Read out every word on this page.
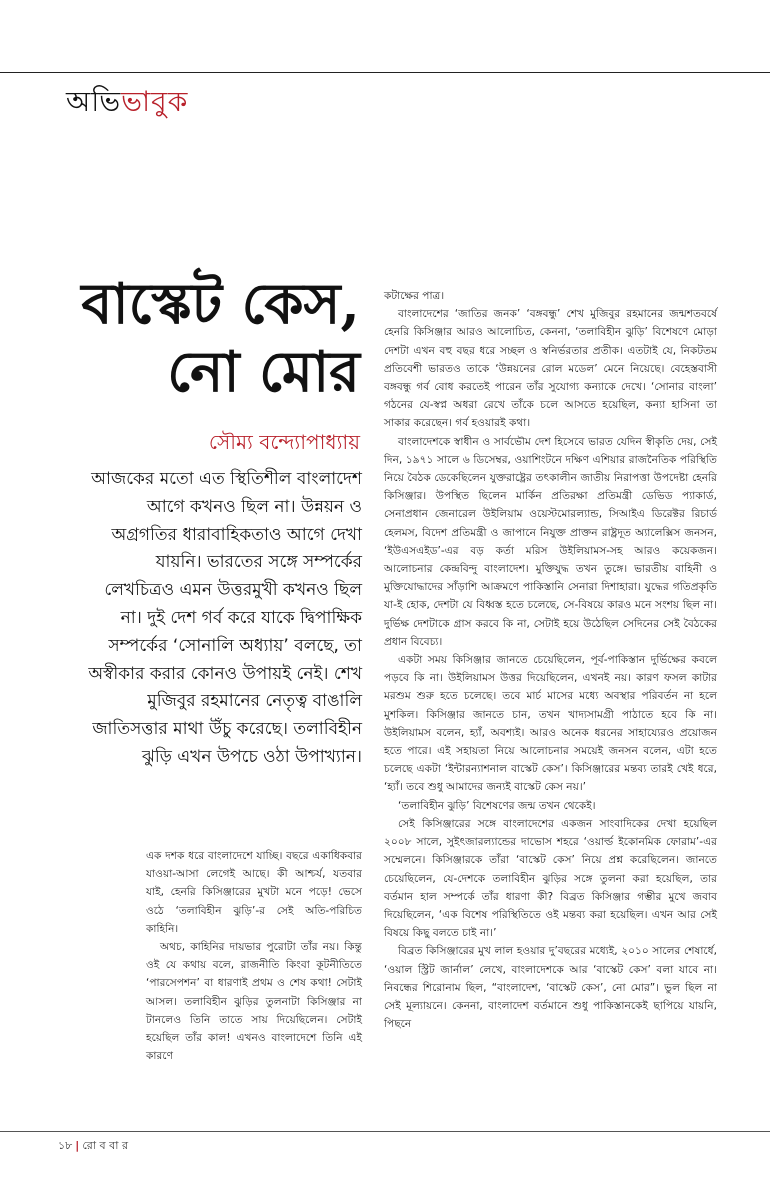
অভিভাবুক
বাস্কেট কেস,
নো মোর
সৌম্য বন্দ্যোপাধ্যায়

আজকের মতো এত স্থিতিশীল বাংলাদেশ আগে কখনও ছিল না। উন্নয়ন ও অগ্রগতির ধারাবাহিকতাও আগে দেখা যায়নি। ভারতের সঙ্গে সম্পর্কের লেখচিত্রও এমন উত্তরমুখী কখনও ছিল না। দুই দেশ গর্ব করে যাকে দ্বিপাক্ষিক সম্পর্কের ‘সোনালি অধ্যায়’ বলছে, তা অস্বীকার করার কোনও উপায়ই নেই। শেখ মুজিবুর রহমানের নেতৃত্ব বাঙালি জাতিসত্তার মাথা উঁচু করেছে। তলাবিহীন ঝুড়ি এখন উপচে ওঠা উপাখ্যান।

এক দশক ধরে বাংলাদেশে যাচ্ছি। বছরে একাধিকবার যাওয়া-আসা লেগেই আছে। কী আশ্চর্য, যতবার যাই, হেনরি কিসিঞ্জারের মুখটা মনে পড়ে! ভেসে ওঠে ‘তলাবিহীন ঝুড়ি’-র সেই অতি-পরিচিত কাহিনি।

অথচ, কাহিনির দায়ভার পুরোটা তাঁর নয়। কিন্তু ওই যে কথায় বলে, রাজনীতি কিংবা কূটনীতিতে ‘পারসেপশন’ বা ধারণাই প্রথম ও শেষ কথা! সেটাই আসল। তলাবিহীন ঝুড়ির তুলনাটা কিসিঞ্জার না টানলেও তিনি তাতে সায় দিয়েছিলেন। সেটাই হয়েছিল তাঁর কাল! এখনও বাংলাদেশে তিনি এই কারণে

কটাক্ষের পাত্র।

বাংলাদেশের ‘জাতির জনক’ ‘বঙ্গবন্ধু’ শেখ মুজিবুর রহমানের জন্মশতবর্ষে হেনরি কিসিঞ্জার আরও আলোচিত, কেননা, ‘তলাবিহীন ঝুড়ি’ বিশেষণে মোড়া দেশটা এখন বহু বছর ধরে সচ্ছল ও স্বনির্ভরতার প্রতীক। এতটাই যে, নিকটতম প্রতিবেশী ভারতও তাকে ‘উন্নয়নের রোল মডেল’ মেনে নিয়েছে। বেহেস্তবাসী বঙ্গবন্ধু গর্ব বোধ করতেই পারেন তাঁর সুযোগ্য কন্যাকে দেখে। ‘সোনার বাংলা’ গঠনের যে-স্বপ্ন অধরা রেখে তাঁকে চলে আসতে হয়েছিল, কন্যা হাসিনা তা সাকার করেছেন। গর্ব হওয়ারই কথা।

বাংলাদেশকে স্বাধীন ও সার্বভৌম দেশ হিসেবে ভারত যেদিন স্বীকৃতি দেয়, সেই দিন, ১৯৭১ সালে ৬ ডিসেম্বর, ওয়াশিংটনে দক্ষিণ এশিয়ার রাজনৈতিক পরিস্থিতি নিয়ে বৈঠক ডেকেছিলেন যুক্তরাষ্ট্রের তৎকালীন জাতীয় নিরাপত্তা উপদেষ্টা হেনরি কিসিঞ্জার। উপস্থিত ছিলেন মার্কিন প্রতিরক্ষা প্রতিমন্ত্রী ডেভিড প্যাকার্ড, সেনাপ্রধান জেনারেল উইলিয়াম ওয়েস্টমোরল্যান্ড, সিআইএ ডিরেক্টর রিচার্ড হেলমস, বিদেশ প্রতিমন্ত্রী ও জাপানে নিযুক্ত প্রাক্তন রাষ্ট্রদূত অ্যালেক্সিস জনসন, ‘ইউএসএইড’-এর বড় কর্তা মরিস উইলিয়ামস-সহ আরও কয়েকজন। আলোচনার কেন্দ্রবিন্দু বাংলাদেশ। মুক্তিযুদ্ধ তখন তুঙ্গে। ভারতীয় বাহিনী ও মুক্তিযোদ্ধাদের সাঁড়াশি আক্রমণে পাকিস্তানি সেনারা দিশাহারা। যুদ্ধের গতিপ্রকৃতি যা-ই হোক, দেশটা যে বিধ্বস্ত হতে চলেছে, সে-বিষয়ে কারও মনে সংশয় ছিল না। দুর্ভিক্ষ দেশটাকে গ্রাস করবে কি না, সেটাই হয়ে উঠেছিল সেদিনের সেই বৈঠকের প্রধান বিবেচ্য।

একটা সময় কিসিঞ্জার জানতে চেয়েছিলেন, পূর্ব-পাকিস্তান দুর্ভিক্ষের কবলে পড়বে কি না। উইলিয়ামস উত্তর দিয়েছিলেন, এখনই নয়। কারণ ফসল কাটার মরশুম শুরু হতে চলেছে। তবে মার্চ মাসের মধ্যে অবস্থার পরিবর্তন না হলে মুশকিল। কিসিঞ্জার জানতে চান, তখন খাদ্যসামগ্রী পাঠাতে হবে কি না। উইলিয়ামস বলেন, হ্যাঁ, অবশ্যই। আরও অনেক ধরনের সাহায্যেরও প্রয়োজন হতে পারে। এই সহায়তা নিয়ে আলোচনার সময়েই জনসন বলেন, এটা হতে চলেছে একটা ‘ইন্টারন্যাশনাল বাস্কেট কেস’। কিসিঞ্জারের মন্তব্য তারই খেই ধরে, ‘হ্যাঁ। তবে শুধু আমাদের জন্যই বাস্কেট কেস নয়।’

‘তলাবিহীন ঝুড়ি’ বিশেষণের জন্ম তখন থেকেই।

সেই কিসিঞ্জারের সঙ্গে বাংলাদেশের একজন সাংবাদিকের দেখা হয়েছিল ২০০৮ সালে, সুইৎজারল্যান্ডের দাভোস শহরে ‘ওয়ার্ল্ড ইকোনমিক ফোরাম’-এর সম্মেলনে। কিসিঞ্জারকে তাঁরা ‘বাস্কেট কেস’ নিয়ে প্রশ্ন করেছিলেন। জানতে চেয়েছিলেন, যে-দেশকে তলাবিহীন ঝুড়ির সঙ্গে তুলনা করা হয়েছিল, তার বর্তমান হাল সম্পর্কে তাঁর ধারণা কী? বিব্রত কিসিঞ্জার গম্ভীর মুখে জবাব দিয়েছিলেন, ‘এক বিশেষ পরিস্থিতিতে ওই মন্তব্য করা হয়েছিল। এখন আর সেই বিষয়ে কিছু বলতে চাই না।’

বিব্রত কিসিঞ্জারের মুখ লাল হওয়ার দু’বছরের মধ্যেই, ২০১০ সালের শেষার্ধে, ‘ওয়াল স্ট্রিট জার্নাল’ লেখে, বাংলাদেশকে আর ‘বাস্কেট কেস’ বলা যাবে না। নিবন্ধের শিরোনাম ছিল, “বাংলাদেশ, ‘বাস্কেট কেস’, নো মোর”। ভুল ছিল না সেই মূল্যায়নে। কেননা, বাংলাদেশ বর্তমানে শুধু পাকিস্তানকেই ছাপিয়ে যায়নি, পিছনে

১৮ | রো ব বা র
